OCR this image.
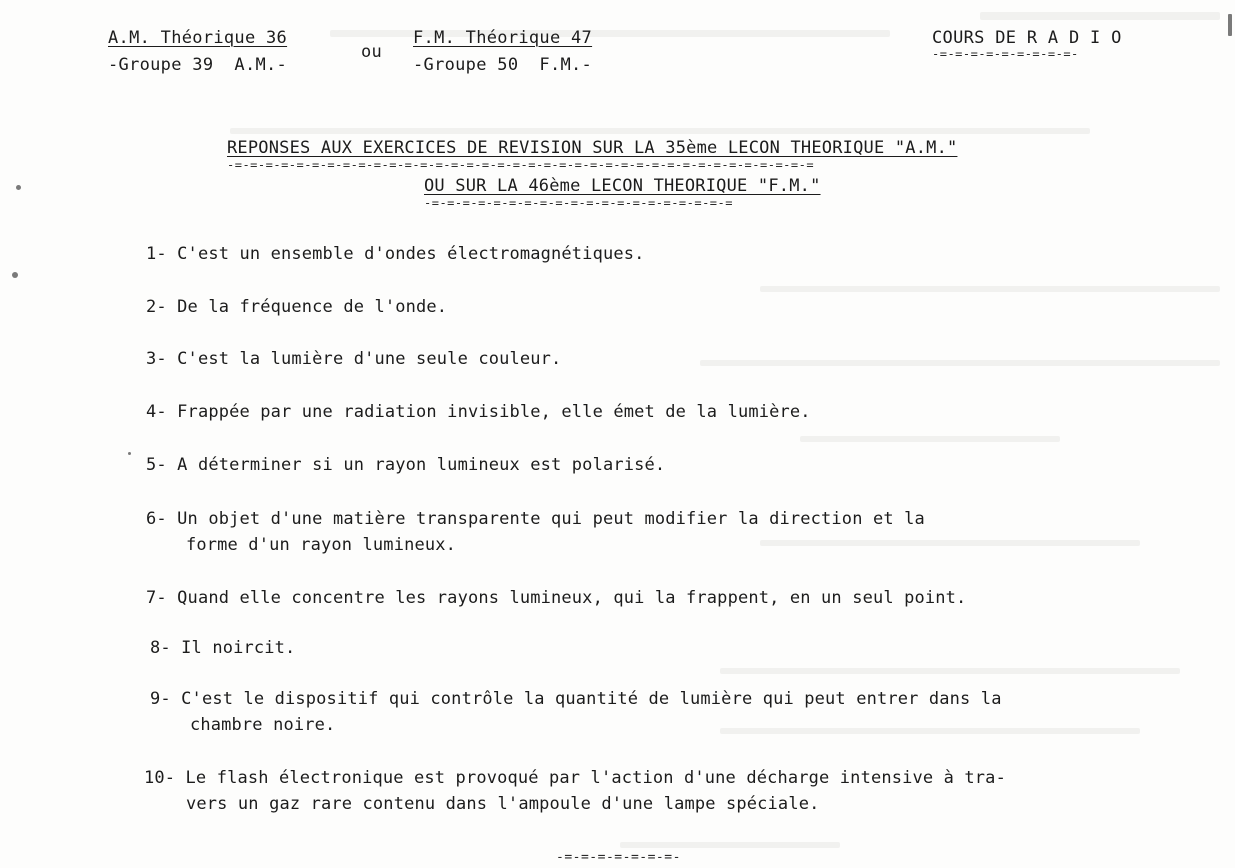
A.M. Théorique 36
-Groupe 39  A.M.-
ou
F.M. Théorique 47
-Groupe 50  F.M.-
COURS DE R A D I O
-=-=-=-=-=-=-=-=-=-
REPONSES AUX EXERCICES DE REVISION SUR LA 35ème LECON THEORIQUE "A.M."
-=-=-=-=-=-=-=-=-=-=-=-=-=-=-=-=-=-=-=-=-=-=-=-=-=-=-=-=-=-=-=-=-=-=-=-=-=-=
OU SUR LA 46ème LECON THEORIQUE "F.M."
-=-=-=-=-=-=-=-=-=-=-=-=-=-=-=-=-=-=-=-=
1- C'est un ensemble d'ondes électromagnétiques.
2- De la fréquence de l'onde.
3- C'est la lumière d'une seule couleur.
4- Frappée par une radiation invisible, elle émet de la lumière.
5- A déterminer si un rayon lumineux est polarisé.
6- Un objet d'une matière transparente qui peut modifier la direction et la
forme d'un rayon lumineux.
7- Quand elle concentre les rayons lumineux, qui la frappent, en un seul point.
8- Il noircit.
9- C'est le dispositif qui contrôle la quantité de lumière qui peut entrer dans la
chambre noire.
10- Le flash électronique est provoqué par l'action d'une décharge intensive à tra-
vers un gaz rare contenu dans l'ampoule d'une lampe spéciale.
-=-=-=-=-=-=-=-
